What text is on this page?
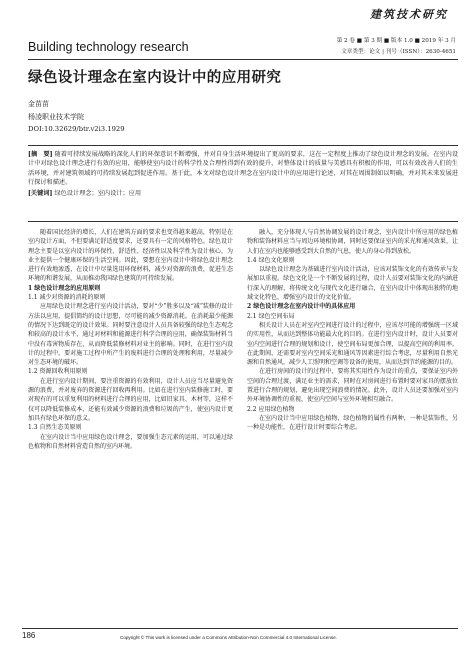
建筑技术研究
Building technology research	第 2 卷 ■ 第 3 期 ■ 版本 1.0 ■ 2019 年 3 月
文章类型：论文 | 刊号（ISSN）：2630-4651
绿色设计理念在室内设计中的应用研究
金苗苗
杨凌职业技术学院
DOI:10.32629/btr.v2i3.1929
[摘　要] 随着可持续发展战略的深化人们的环保意识不断增强，并对自身生活环境提出了更高的要求，这在一定程度上推动了绿色设计理念的发展。在室内设计中对绿色设计理念进行有效的应用，能够使室内设计的科学性及合理性得到有效的提升，对整体设计的质量与美感具有积极的作用，可以有效改善人们的生活环境，并对建筑领域的可持续发展起到促进作用。基于此，本文对绿色设计理念在室内设计中的应用进行论述，对其在周围制如以明确，并对其未来发展进行探讨和描述。
[关键词] 绿色设计理念；室内设计；应用

随着国民经济的增长，人们在建筑方面的要求也变得越来越高，特别是在室内设计方面，不但要满足舒适度要求，还要具有一定的风格特色。绿色设计理念主要是以室内设计的环保性、舒适性、经济性以及科学性为设计核心，为业主提供一个健康环保的生活空间。因此，要想在室内设计中将绿色设计理念进行有效地渗透，在设计中尽量选用环保材料，减少对资源的浪费，促进生态环境的和谐发展，从而推动我国绿色建筑的可持续发展。

1 绿色设计理念的应用原则

1.1 减少对资源的消耗的原则

应用绿色设计理念进行室内设计活动，要对“少”胜多以及“减”装修的设计方法以应用，提倡简约的设计思想，尽可能的减少资源消耗。在消耗最少能源的情况下达到既定的设计效果。同时要注意设计人员具备较强的绿色生态观念和较高的设计水平，通过对材料和能源进行科学合理的应用，确保装饰材料当中没有毒害物质存在，从而降低装修材料对业主的影响。同时，在进行室内设计的过程中，要对施工过程中所产生的废料进行合理的处理和利用，尽量减少对生态环境的破坏。

1.2 资源回收利用原则

在进行室内设计期间，要注重资源的有效利用，设计人员应当尽量避免资源的浪费，并对废弃的资源进行回收再利用。比如在进行室内装修施工时，要对现有的可以重复利用的材料进行合理的应用，比如旧家具、木材等，这样不仅可以降低装修成本，还能有效减少资源的浪费和垃圾的产生，使室内设计更加具有绿色环保的意义。

1.3 自然生态美原则

在室内设计当中应用绿色设计理念，要加强生态元素的运用，可以通过绿色植物和自然材料营造自然的室内环境。

融入，充分体现人与自然协调发展的设计观念，室内设计中所应用的绿色植物和装饰材料应当与周边环境相协调，同时还要保证室内的采光和通风效果，让人们在室内也能够感受到大自然的气息，使人的身心得到放松。

1.4 绿色文化原则

以绿色设计理念为基础进行室内设计活动，应该对装饰文化的有效传承与发展加以重视。绿色文化是一个不断发展的过程，设计人员要对装饰文化的内涵进行深入的理解，将传统文化与现代文化进行融合，在室内设计中体现出独特的地域文化特色，增强室内设计的文化价值。

2 绿色设计理念在室内设计中的具体应用

2.1 绿色空间布局

相关设计人员在对室内空间进行设计的过程中，应该尽可能的增强统一区域的实用性，从而达到整体功能最大化的目的。在进行室内设计时，设计人员要对室内空间进行合理的规划和设计，使空间布局更加合理，以提高空间的利用率。在此期间，还需要对室内空间采光和通风等因素进行综合考虑，尽量利用自然光源和自然通风，减少人工照明和空调等设备的使用，从而达到节约能源的目的。

在进行房间的设计的过程中，要将其实用性作为设计的重点，要保证室内外空间的合理过渡，满足业主的需求，同时在对房间进行布置时要对家具的摆放位置进行合理的规划，避免出现空间浪费的情况。此外，设计人员还要加强对室内外环境协调性的重视，使室内空间与室外环境相互融合。

2.2 应用绿色植物

在室内设计当中应用绿色植物，绿色植物的属性有两种，一种是装饰性，另一种是功能性，在进行设计时要综合考虑。

186	Copyright © This work is licensed under a Commons Attribution-Non Commercial 4.0 International License.
